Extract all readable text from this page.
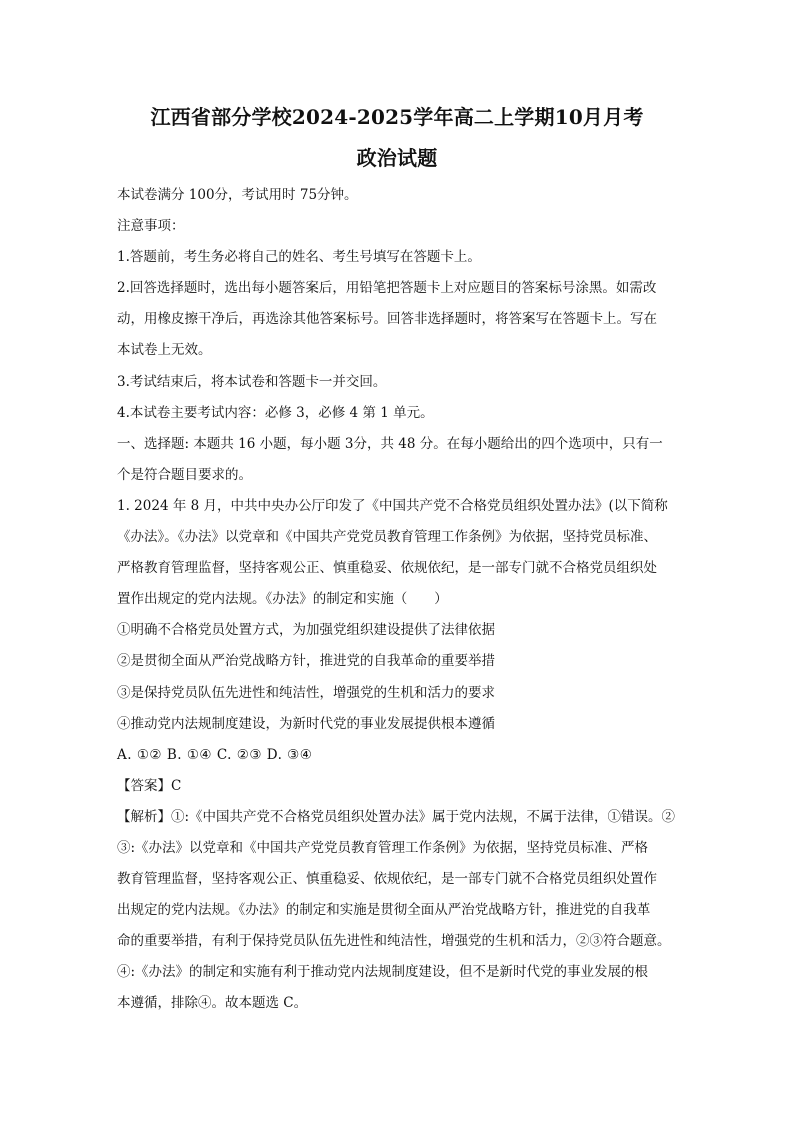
江西省部分学校2024-2025学年高二上学期10月月考
政治试题
本试卷满分 100分，考试用时 75分钟。
注意事项：
1.答题前，考生务必将自己的姓名、考生号填写在答题卡上。
2.回答选择题时，选出每小题答案后，用铅笔把答题卡上对应题目的答案标号涂黑。如需改
动，用橡皮擦干净后，再选涂其他答案标号。回答非选择题时，将答案写在答题卡上。写在
本试卷上无效。
3.考试结束后，将本试卷和答题卡一并交回。
4.本试卷主要考试内容：必修 3，必修 4 第 1 单元。
一、选择题: 本题共 16 小题，每小题 3分，共 48 分。在每小题给出的四个选项中，只有一
个是符合题目要求的。
1. 2024 年 8 月，中共中央办公厅印发了《中国共产党不合格党员组织处置办法》(以下简称
《办法》。《办法》以党章和《中国共产党党员教育管理工作条例》为依据，坚持党员标准、
严格教育管理监督，坚持客观公正、慎重稳妥、依规依纪，是一部专门就不合格党员组织处
置作出规定的党内法规。《办法》的制定和实施（　　）
①明确不合格党员处置方式，为加强党组织建设提供了法律依据
②是贯彻全面从严治党战略方针，推进党的自我革命的重要举措
③是保持党员队伍先进性和纯洁性，增强党的生机和活力的要求
④推动党内法规制度建设，为新时代党的事业发展提供根本遵循
A. ①② B. ①④ C. ②③ D. ③④
【答案】C
【解析】①:《中国共产党不合格党员组织处置办法》属于党内法规，不属于法律，①错误。②
③:《办法》以党章和《中国共产党党员教育管理工作条例》为依据，坚持党员标准、严格
教育管理监督，坚持客观公正、慎重稳妥、依规依纪，是一部专门就不合格党员组织处置作
出规定的党内法规。《办法》的制定和实施是贯彻全面从严治党战略方针，推进党的自我革
命的重要举措，有利于保持党员队伍先进性和纯洁性，增强党的生机和活力，②③符合题意。
④:《办法》的制定和实施有利于推动党内法规制度建设，但不是新时代党的事业发展的根
本遵循，排除④。故本题选 C。
